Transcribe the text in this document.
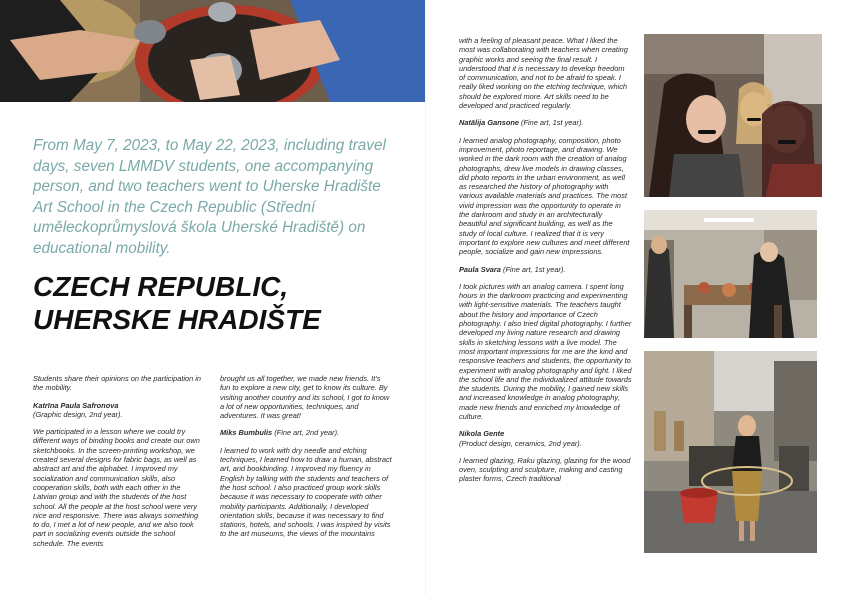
From May 7, 2023, to May 22, 2023, including travel days, seven LMMDV students, one accompanying person, and two teachers went to Uherske Hradište Art School in the Czech Republic (Střední uměleckoprůmyslová škola Uherské Hradiště) on educational mobility.

CZECH REPUBLIC,
UHERSKE HRADIŠTE

Students share their opinions on the participation in the mobility.

Katrīna Paula Safronova
(Graphic design, 2nd year).

We participated in a lesson where we could try different ways of binding books and create our own sketchbooks. In the screen-printing workshop, we created several designs for fabric bags, as well as abstract art and the alphabet. I improved my socialization and communication skills, also cooperation skills, both with each other in the Latvian group and with the students of the host school. All the people at the host school were very nice and responsive. There was always something to do, I met a lot of new people, and we also took part in socializing events outside the school schedule. The events

brought us all together, we made new friends. It's fun to explore a new city, get to know its culture. By visiting another country and its school, I got to know a lot of new opportunities, techniques, and adventures. It was great!

Miks Bumbulis (Fine art, 2nd year).

I learned to work with dry needle and etching techniques, I learned how to draw a human, abstract art, and bookbinding. I improved my fluency in English by talking with the students and teachers of the host school. I also practiced group work skills because it was necessary to cooperate with other mobility participants. Additionally, I developed orientation skills, because it was necessary to find stations, hotels, and schools. I was inspired by visits to the art museums, the views of the mountains

with a feeling of pleasant peace. What I liked the most was collaborating with teachers when creating graphic works and seeing the final result. I understood that it is necessary to develop freedom of communication, and not to be afraid to speak. I really liked working on the etching technique, which should be explored more. Art skills need to be developed and practiced regularly.

Natālija Gansone (Fine art, 1st year).

I learned analog photography, composition, photo improvement, photo reportage, and drawing. We worked in the dark room with the creation of analog photographs, drew live models in drawing classes, did photo reports in the urban environment, as well as researched the history of photography with various available materials and practices. The most vivid impression was the opportunity to operate in the darkroom and study in an architecturally beautiful and significant building, as well as the study of local culture. I realized that it is very important to explore new cultures and meet different people, socialize and gain new impressions.

Paula Svara (Fine art, 1st year).

I took pictures with an analog camera. I spent long hours in the darkroom practicing and experimenting with light-sensitive materials. The teachers taught about the history and importance of Czech photography. I also tried digital photography. I further developed my living nature research and drawing skills in sketching lessons with a live model. The most important impressions for me are the kind and responsive teachers and students, the opportunity to experiment with analog photography and light. I liked the school life and the individualized attitude towards the students. During the mobility, I gained new skills and increased knowledge in analog photography, made new friends and enriched my knowledge of culture.

Nikola Gente
(Product design, ceramics, 2nd year).

I learned glazing, Raku glazing, glazing for the wood oven, sculpting and sculpture, making and casting plaster forms, Czech traditional
